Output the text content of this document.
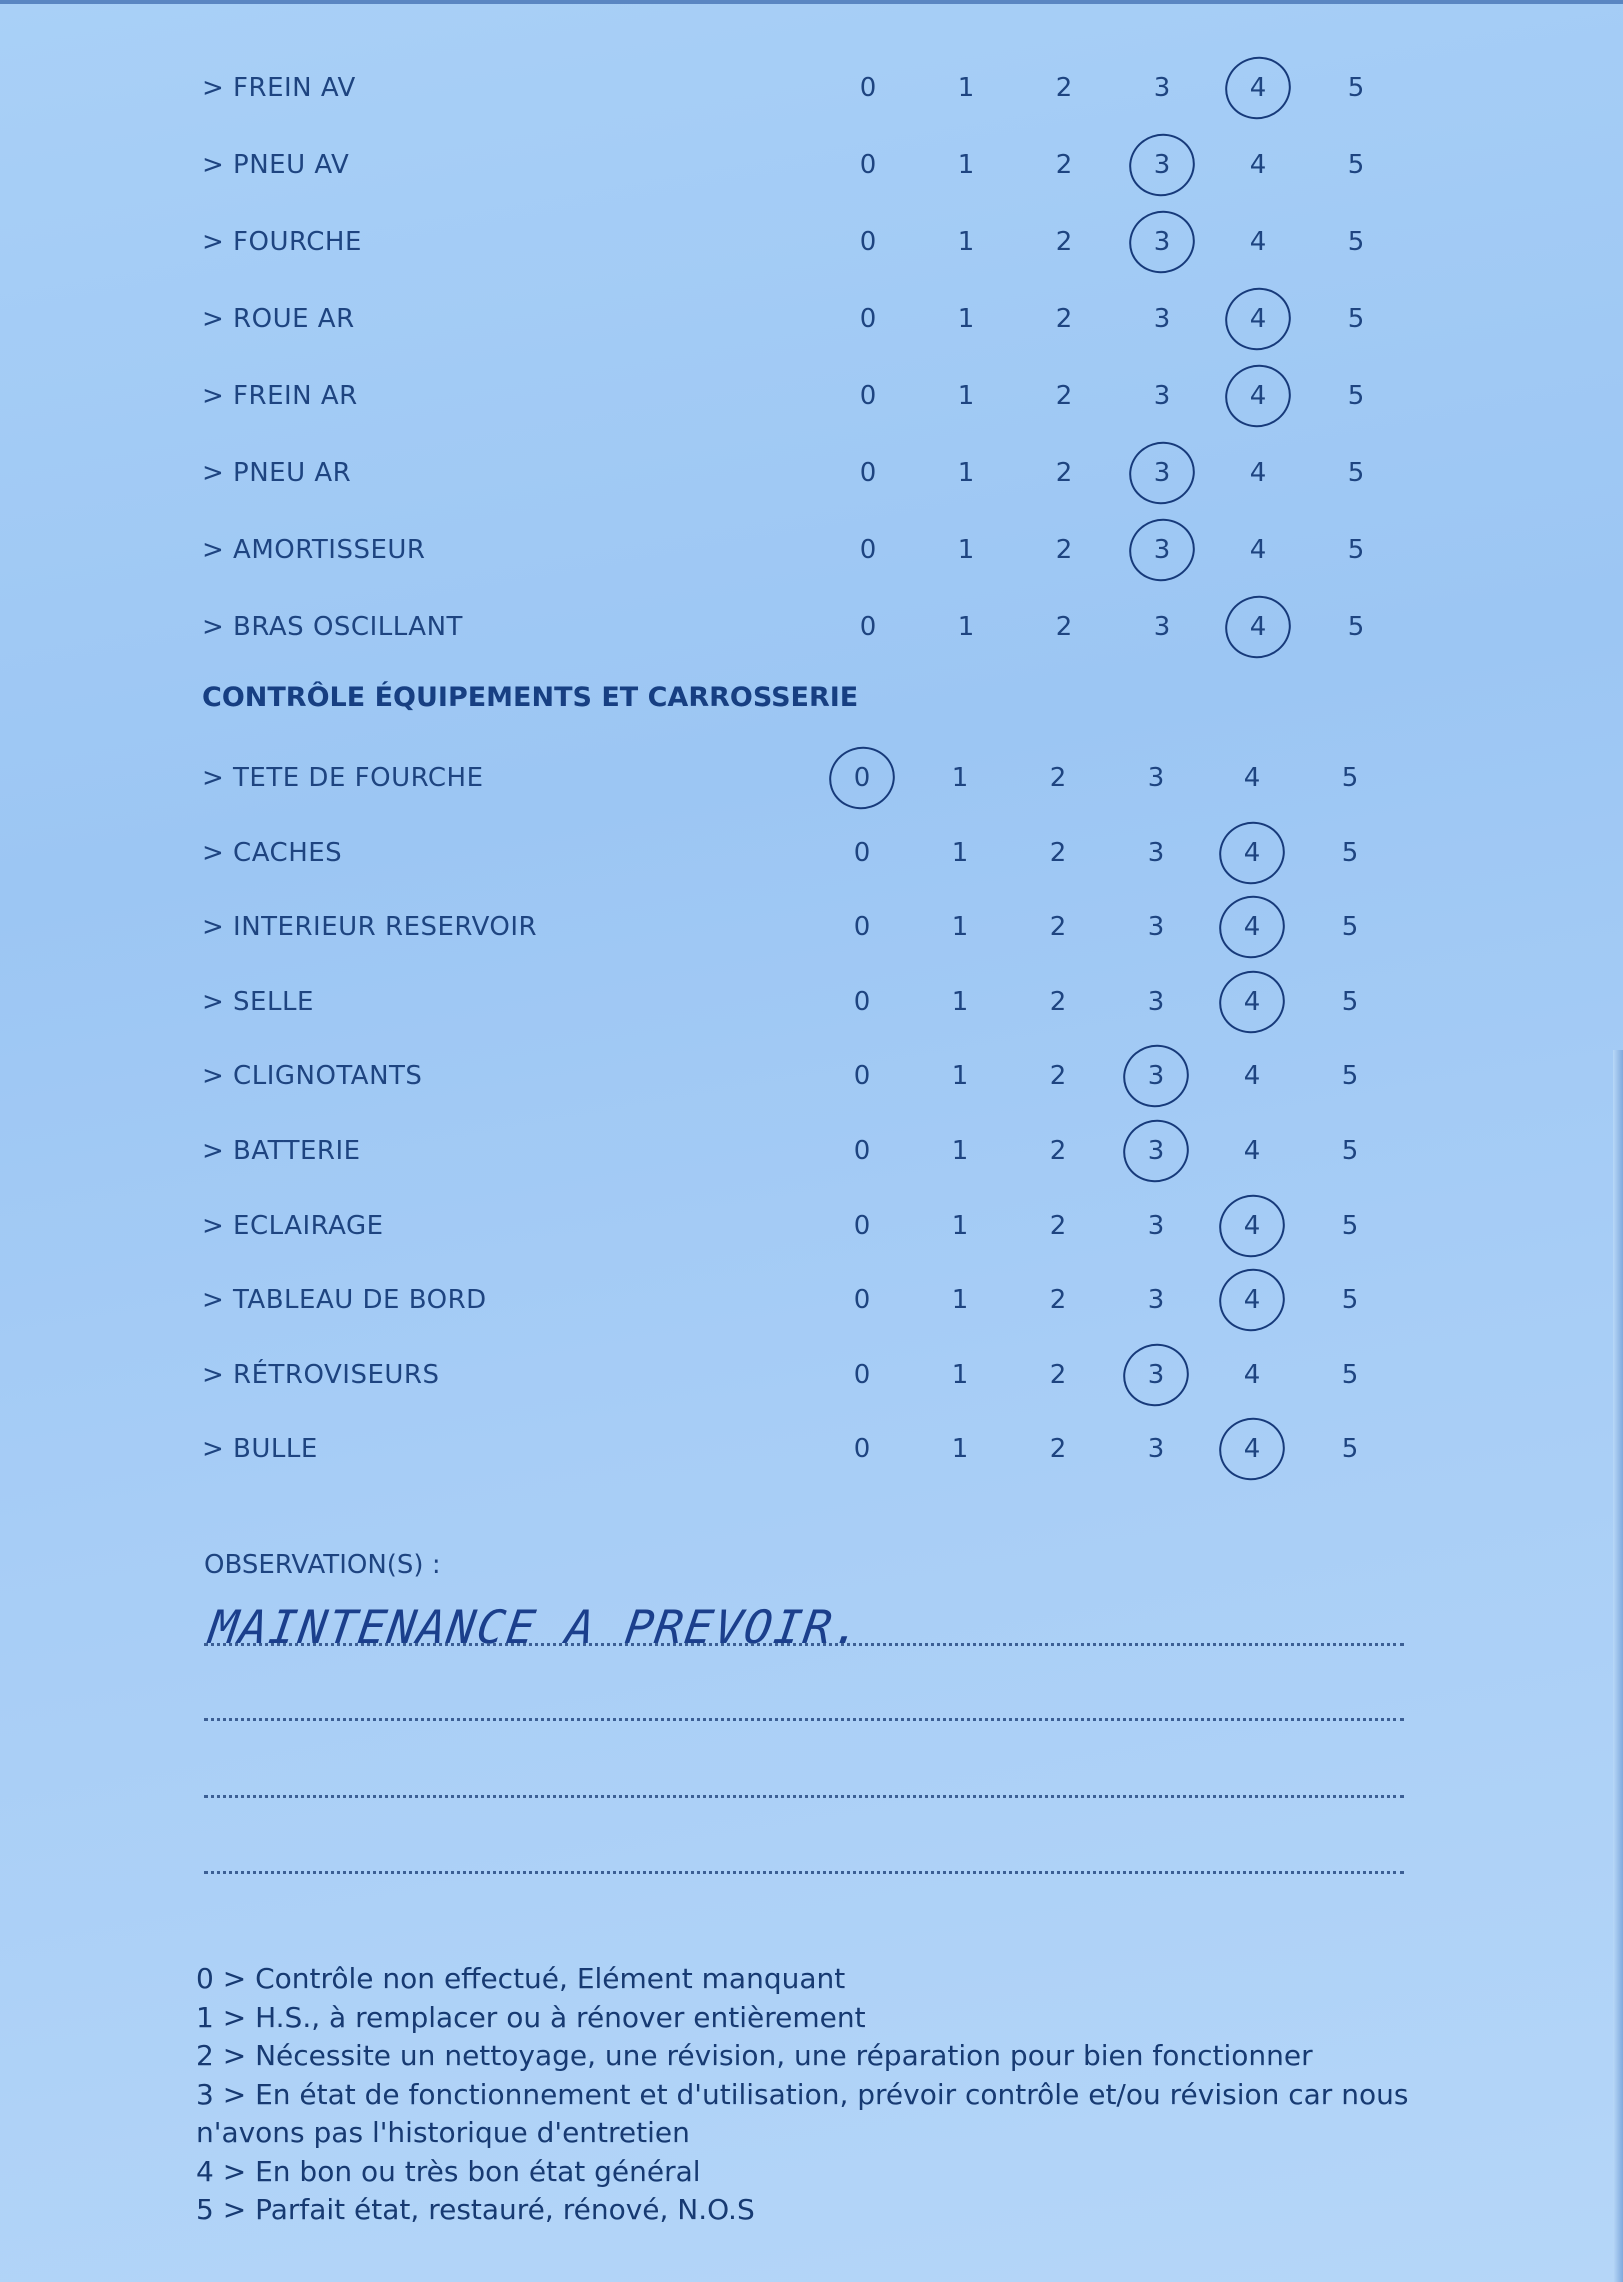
> FREIN AV	0	1	2	3	4	5
> PNEU AV	0	1	2	3	4	5
> FOURCHE	0	1	2	3	4	5
> ROUE AR	0	1	2	3	4	5
> FREIN AR	0	1	2	3	4	5
> PNEU AR	0	1	2	3	4	5
> AMORTISSEUR	0	1	2	3	4	5
> BRAS OSCILLANT	0	1	2	3	4	5
CONTRÔLE ÉQUIPEMENTS ET CARROSSERIE
> TETE DE FOURCHE	0	1	2	3	4	5
> CACHES	0	1	2	3	4	5
> INTERIEUR RESERVOIR	0	1	2	3	4	5
> SELLE	0	1	2	3	4	5
> CLIGNOTANTS	0	1	2	3	4	5
> BATTERIE	0	1	2	3	4	5
> ECLAIRAGE	0	1	2	3	4	5
> TABLEAU DE BORD	0	1	2	3	4	5
> RÉTROVISEURS	0	1	2	3	4	5
> BULLE	0	1	2	3	4	5
OBSERVATION(S) :
MAINTENANCE A PREVOIR.
0 > Contrôle non effectué, Elément manquant
1 > H.S., à remplacer ou à rénover entièrement
2 > Nécessite un nettoyage, une révision, une réparation pour bien fonctionner
3 > En état de fonctionnement et d'utilisation, prévoir contrôle et/ou révision car nous
n'avons pas l'historique d'entretien
4 > En bon ou très bon état général
5 > Parfait état, restauré, rénové, N.O.S
